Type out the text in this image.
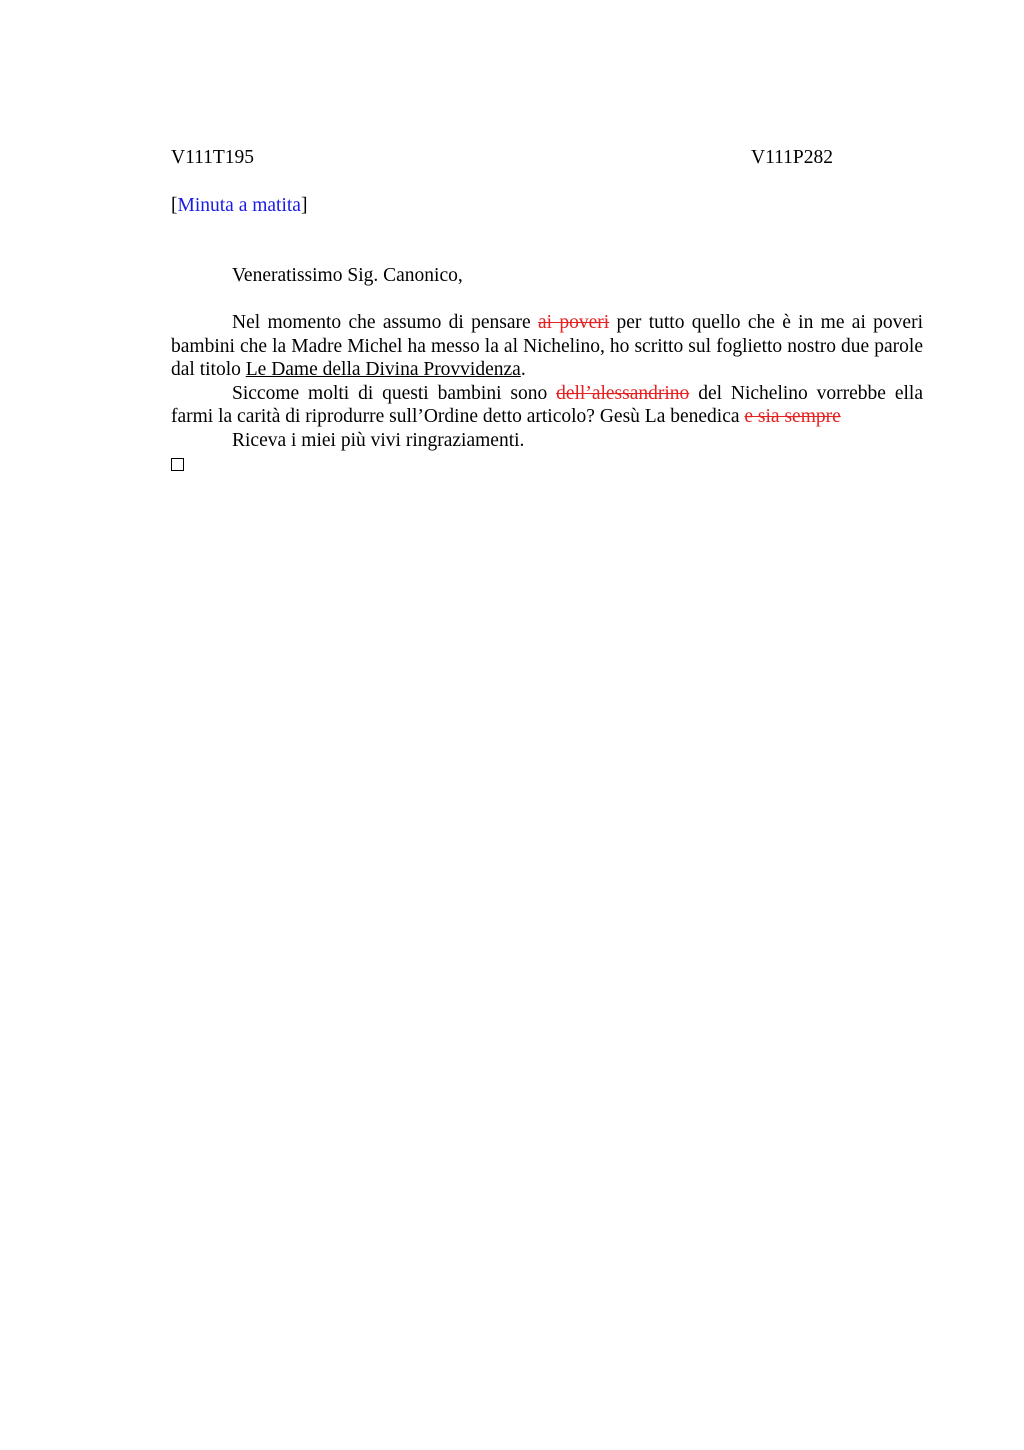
V111T195	V111P282
[Minuta a matita]
Veneratissimo Sig. Canonico,

Nel momento che assumo di pensare ai poveri per tutto quello che è in me ai poveri bambini che la Madre Michel ha messo la al Nichelino, ho scritto sul foglietto nostro due parole dal titolo Le Dame della Divina Provvidenza.

Siccome molti di questi bambini sono dell’alessandrino del Nichelino vorrebbe ella farmi la carità di riprodurre sull’Ordine detto articolo? Gesù La benedica e sia sempre

Riceva i miei più vivi ringraziamenti.
